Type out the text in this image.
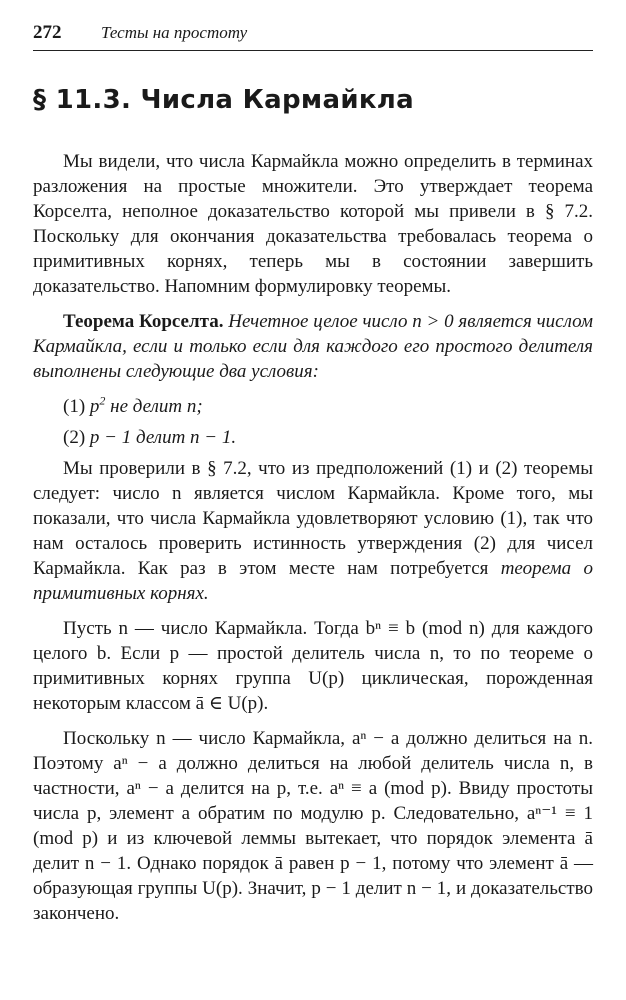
272	Тесты на простоту
§ 11.3. Числа Кармайкла

Мы видели, что числа Кармайкла можно определить в терминах разложения на простые множители. Это утверждает теорема Корселта, неполное доказательство которой мы привели в § 7.2. Поскольку для окончания доказательства требовалась теорема о примитивных корнях, теперь мы в состоянии завершить доказательство. Напомним формулировку теоремы.

Теорема Корселта. Нечетное целое число n > 0 является числом Кармайкла, если и только если для каждого его простого делителя выполнены следующие два условия:

(1) $p^2$ не делит n;

(2) p − 1 делит n − 1.

Мы проверили в § 7.2, что из предположений (1) и (2) теоремы следует: число n является числом Кармайкла. Кроме того, мы показали, что числа Кармайкла удовлетворяют условию (1), так что нам осталось проверить истинность утверждения (2) для чисел Кармайкла. Как раз в этом месте нам потребуется теорема о примитивных корнях.

Пусть n — число Кармайкла. Тогда bⁿ ≡ b (mod n) для каждого целого b. Если p — простой делитель числа n, то по теореме о примитивных корнях группа U(p) циклическая, порожденная некоторым классом ā ∈ U(p).

Поскольку n — число Кармайкла, aⁿ − a должно делиться на n. Поэтому aⁿ − a должно делиться на любой делитель числа n, в частности, aⁿ − a делится на p, т.е. aⁿ ≡ a (mod p). Ввиду простоты числа p, элемент a обратим по модулю p. Следовательно, aⁿ⁻¹ ≡ 1 (mod p) и из ключевой леммы вытекает, что порядок элемента ā делит n − 1. Однако порядок ā равен p − 1, потому что элемент ā — образующая группы U(p). Значит, p − 1 делит n − 1, и доказательство закончено.
